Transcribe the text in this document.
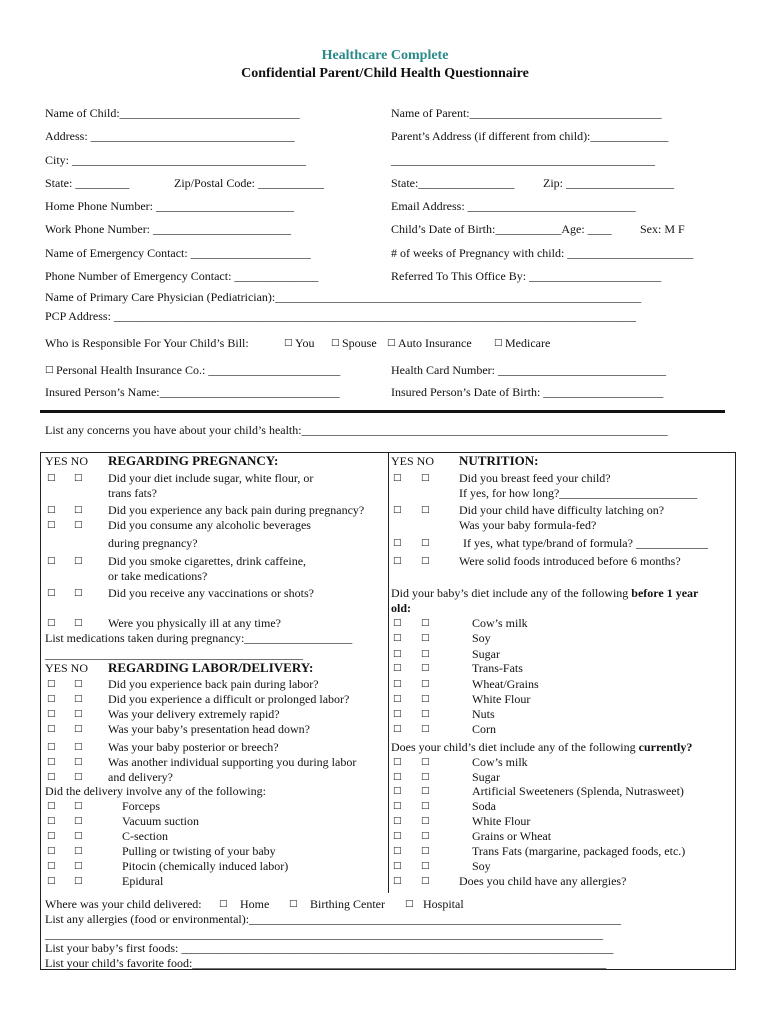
Healthcare Complete
Confidential Parent/Child Health Questionnaire
Name of Child:______________________________	Name of Parent:________________________________
Address: __________________________________	Parent’s Address (if different from child):_____________
City: _______________________________________	____________________________________________
State: _________	Zip/Postal Code: ___________	State:________________ Zip: __________________
Home Phone Number: _______________________	Email Address: ____________________________
Work Phone Number: _______________________	Child’s Date of Birth:___________Age: ____ Sex: M F
Name of Emergency Contact: ____________________	# of weeks of Pregnancy with child: _____________________
Phone Number of Emergency Contact: ______________	Referred To This Office By: ______________________
Name of Primary Care Physician (Pediatrician):_____________________________________________________________
PCP Address: _______________________________________________________________________________________
Who is Responsible For Your Child’s Bill:	□ You □ Spouse □ Auto Insurance □ Medicare
□ Personal Health Insurance Co.: ______________________	Health Card Number: ____________________________
Insured Person’s Name:______________________________	Insured Person’s Date of Birth: ____________________
List any concerns you have about your child’s health:_____________________________________________________________
YES NO REGARDING PREGNANCY:
□ □ Did your diet include sugar, white flour, or
trans fats?
□ □ Did you experience any back pain during pregnancy?
□ □ Did you consume any alcoholic beverages
during pregnancy?
□ □ Did you smoke cigarettes, drink caffeine,
or take medications?
□ □ Did you receive any vaccinations or shots?
□ □ Were you physically ill at any time?
List medications taken during pregnancy:__________________
___________________________________________
YES NO REGARDING LABOR/DELIVERY:
□ □ Did you experience back pain during labor?
□ □ Did you experience a difficult or prolonged labor?
□ □ Was your delivery extremely rapid?
□ □ Was your baby’s presentation head down?
□ □ Was your baby posterior or breech?
□ □ Was another individual supporting you during labor
□ □ and delivery?
Did the delivery involve any of the following:
□ □	Forceps
□ □	Vacuum suction
□ □	C-section
□ □	Pulling or twisting of your baby
□ □	Pitocin (chemically induced labor)
□ □	Epidural
YES NO NUTRITION:
□ □ Did you breast feed your child?
If yes, for how long?_______________________
□ □ Did your child have difficulty latching on?
Was your baby formula-fed?
□ □	If yes, what type/brand of formula? ____________
□ □ Were solid foods introduced before 6 months?
Did your baby’s diet include any of the following before 1 year
old:
□ □	Cow’s milk
□ □	Soy
□ □	Sugar
□ □	Trans-Fats
□ □	Wheat/Grains
□ □	White Flour
□ □	Nuts
□ □	Corn
Does your child’s diet include any of the following currently?
□ □	Cow’s milk
□ □	Sugar
□ □	Artificial Sweeteners (Splenda, Nutrasweet)
□ □	Soda
□ □	White Flour
□ □	Grains or Wheat
□ □	Trans Fats (margarine, packaged foods, etc.)
□ □	Soy
□ □ Does you child have any allergies?
Where was your child delivered: □ Home □ Birthing Center □ Hospital
List any allergies (food or environmental):______________________________________________________________
_____________________________________________________________________________________________
List your baby’s first foods: ________________________________________________________________________
List your child’s favorite food:_____________________________________________________________________
